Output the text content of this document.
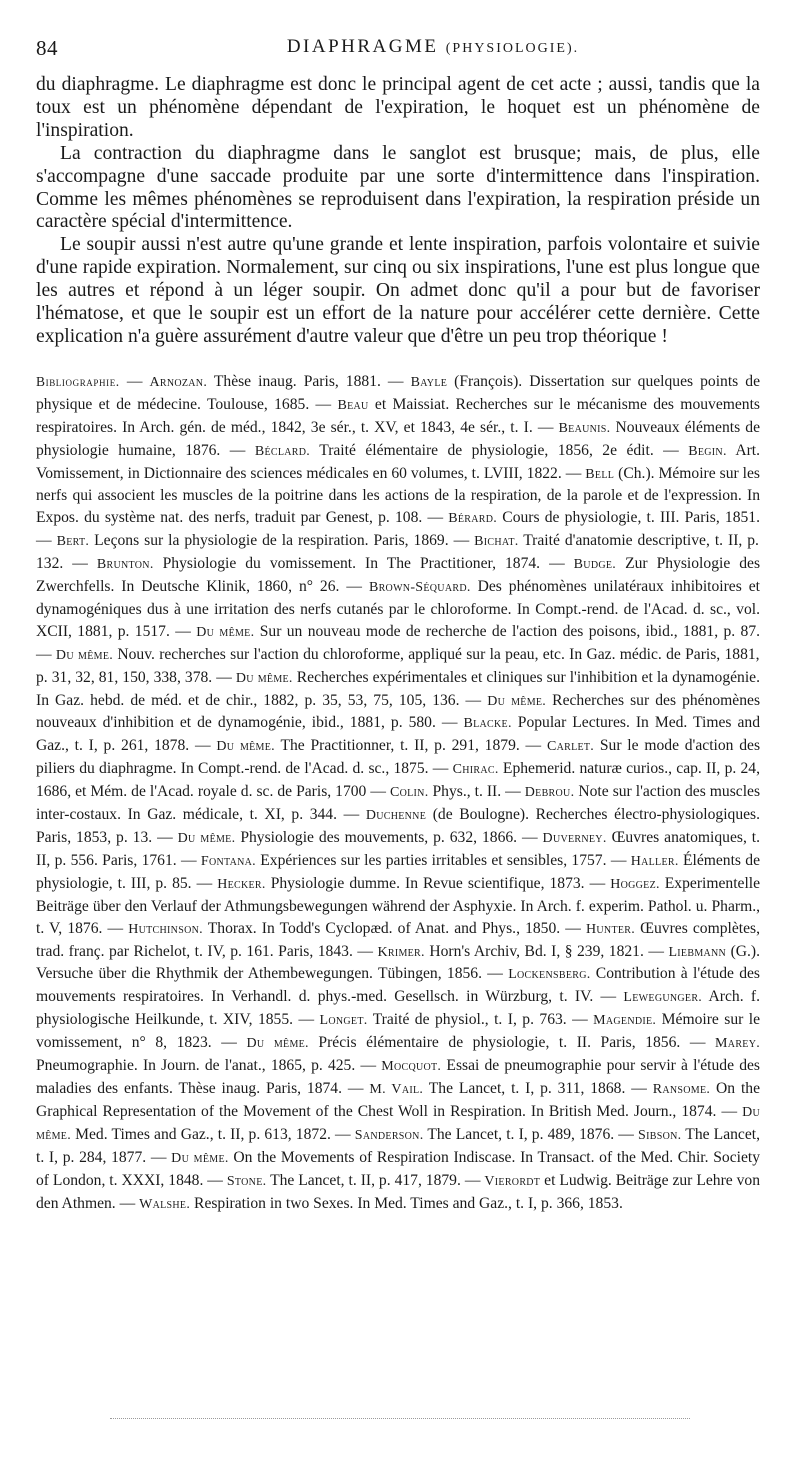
84	DIAPHRAGME (PHYSIOLOGIE).

du diaphragme. Le diaphragme est donc le principal agent de cet acte ; aussi, tandis que la toux est un phénomène dépendant de l'expiration, le hoquet est un phénomène de l'inspiration.

La contraction du diaphragme dans le sanglot est brusque; mais, de plus, elle s'accompagne d'une saccade produite par une sorte d'intermittence dans l'inspiration. Comme les mêmes phénomènes se reproduisent dans l'expiration, la respiration préside un caractère spécial d'intermittence.

Le soupir aussi n'est autre qu'une grande et lente inspiration, parfois volontaire et suivie d'une rapide expiration. Normalement, sur cinq ou six inspirations, l'une est plus longue que les autres et répond à un léger soupir. On admet donc qu'il a pour but de favoriser l'hématose, et que le soupir est un effort de la nature pour accélérer cette dernière. Cette explication n'a guère assurément d'autre valeur que d'être un peu trop théorique !

Bibliographie. — Arnozan. Thèse inaug. Paris, 1881. — Bayle (François). Dissertation sur quelques points de physique et de médecine. Toulouse, 1685. — Beau et Maissiat. Recherches sur le mécanisme des mouvements respiratoires. In Arch. gén. de méd., 1842, 3e sér., t. XV, et 1843, 4e sér., t. I. — Beaunis. Nouveaux éléments de physiologie humaine, 1876. — Béclard. Traité élémentaire de physiologie, 1856, 2e édit. — Begin. Art. Vomissement, in Dictionnaire des sciences médicales en 60 volumes, t. LVIII, 1822. — Bell (Ch.). Mémoire sur les nerfs qui associent les muscles de la poitrine dans les actions de la respiration, de la parole et de l'expression. In Expos. du système nat. des nerfs, traduit par Genest, p. 108. — Bérard. Cours de physiologie, t. III. Paris, 1851. — Bert. Leçons sur la physiologie de la respiration. Paris, 1869. — Bichat. Traité d'anatomie descriptive, t. II, p. 132. — Brunton. Physiologie du vomissement. In The Practitioner, 1874. — Budge. Zur Physiologie des Zwerchfells. In Deutsche Klinik, 1860, n° 26. — Brown-Séquard. Des phénomènes unilatéraux inhibitoires et dynamogéniques dus à une irritation des nerfs cutanés par le chloroforme. In Compt.-rend. de l'Acad. d. sc., vol. XCII, 1881, p. 1517. — Du même. Sur un nouveau mode de recherche de l'action des poisons, ibid., 1881, p. 87. — Du même. Nouv. recherches sur l'action du chloroforme, appliqué sur la peau, etc. In Gaz. médic. de Paris, 1881, p. 31, 32, 81, 150, 338, 378. — Du même. Recherches expérimentales et cliniques sur l'inhibition et la dynamogénie. In Gaz. hebd. de méd. et de chir., 1882, p. 35, 53, 75, 105, 136. — Du même. Recherches sur des phénomènes nouveaux d'inhibition et de dynamogénie, ibid., 1881, p. 580. — Blacke. Popular Lectures. In Med. Times and Gaz., t. I, p. 261, 1878. — Du même. The Practitionner, t. II, p. 291, 1879. — Carlet. Sur le mode d'action des piliers du diaphragme. In Compt.-rend. de l'Acad. d. sc., 1875. — Chirac. Ephemerid. naturæ curios., cap. II, p. 24, 1686, et Mém. de l'Acad. royale d. sc. de Paris, 1700 — Colin. Phys., t. II. — Debrou. Note sur l'action des muscles inter-costaux. In Gaz. médicale, t. XI, p. 344. — Duchenne (de Boulogne). Recherches électro-physiologiques. Paris, 1853, p. 13. — Du même. Physiologie des mouvements, p. 632, 1866. — Duverney. Œuvres anatomiques, t. II, p. 556. Paris, 1761. — Fontana. Expériences sur les parties irritables et sensibles, 1757. — Haller. Éléments de physiologie, t. III, p. 85. — Hecker. Physiologie dumme. In Revue scientifique, 1873. — Hoggez. Experimentelle Beiträge über den Verlauf der Athmungsbewegungen während der Asphyxie. In Arch. f. experim. Pathol. u. Pharm., t. V, 1876. — Hutchinson. Thorax. In Todd's Cyclopæd. of Anat. and Phys., 1850. — Hunter. Œuvres complètes, trad. franç. par Richelot, t. IV, p. 161. Paris, 1843. — Krimer. Horn's Archiv, Bd. I, § 239, 1821. — Liebmann (G.). Versuche über die Rhythmik der Athembewegungen. Tübingen, 1856. — Lockensberg. Contribution à l'étude des mouvements respiratoires. In Verhandl. d. phys.-med. Gesellsch. in Würzburg, t. IV. — Lewegunger. Arch. f. physiologische Heilkunde, t. XIV, 1855. — Longet. Traité de physiol., t. I, p. 763. — Magendie. Mémoire sur le vomissement, n° 8, 1823. — Du même. Précis élémentaire de physiologie, t. II. Paris, 1856. — Marey. Pneumographie. In Journ. de l'anat., 1865, p. 425. — Mocquot. Essai de pneumographie pour servir à l'étude des maladies des enfants. Thèse inaug. Paris, 1874. — M. Vail. The Lancet, t. I, p. 311, 1868. — Ransome. On the Graphical Representation of the Movement of the Chest Woll in Respiration. In British Med. Journ., 1874. — Du même. Med. Times and Gaz., t. II, p. 613, 1872. — Sanderson. The Lancet, t. I, p. 489, 1876. — Sibson. The Lancet, t. I, p. 284, 1877. — Du même. On the Movements of Respiration Indiscase. In Transact. of the Med. Chir. Society of London, t. XXXI, 1848. — Stone. The Lancet, t. II, p. 417, 1879. — Vierordt et Ludwig. Beiträge zur Lehre von den Athmen. — Walshe. Respiration in two Sexes. In Med. Times and Gaz., t. I, p. 366, 1853.
